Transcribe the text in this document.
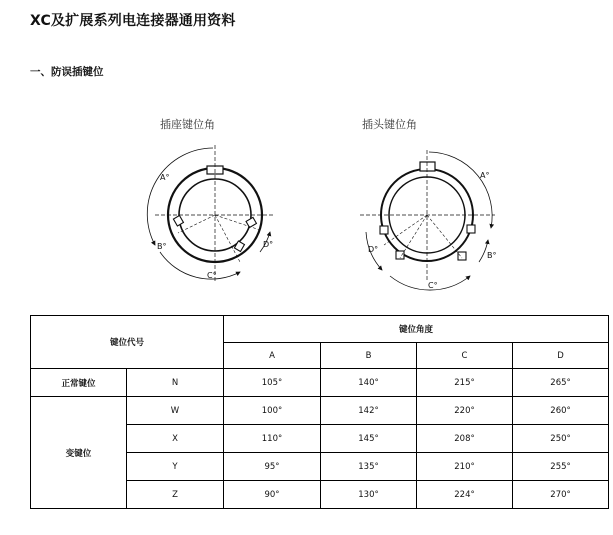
XC及扩展系列电连接器通用资料
一、防误插键位
插座键位角	插头键位角
A°
B°
C°
D°
A°
B°
C°
D°
键位代号		键位角度			
		A	B	C	D
正常键位	N	105°	140°	215°	265°
变键位	W	100°	142°	220°	260°
	X	110°	145°	208°	250°
	Y	95°	135°	210°	255°
	Z	90°	130°	224°	270°
